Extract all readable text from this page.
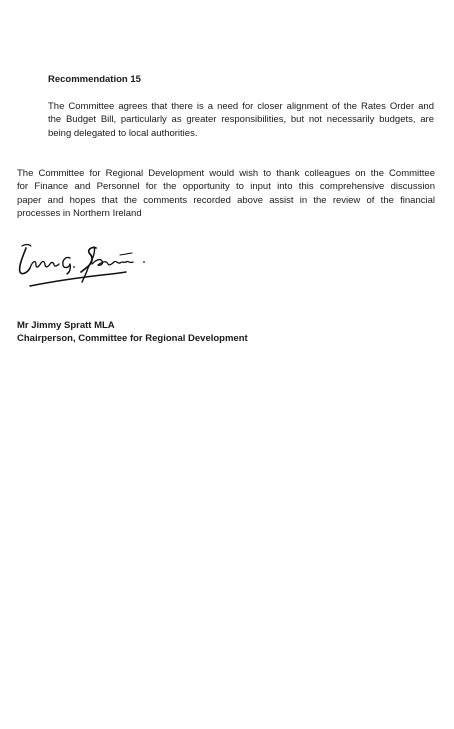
Recommendation 15
The Committee agrees that there is a need for closer alignment of the Rates Order and
the Budget Bill, particularly as greater responsibilities, but not necessarily budgets, are
being delegated to local authorities.
The Committee for Regional Development would wish to thank colleagues on the Committee
for Finance and Personnel for the opportunity to input into this comprehensive discussion
paper and hopes that the comments recorded above assist in the review of the financial
processes in Northern Ireland
Mr Jimmy Spratt MLA
Chairperson, Committee for Regional Development
